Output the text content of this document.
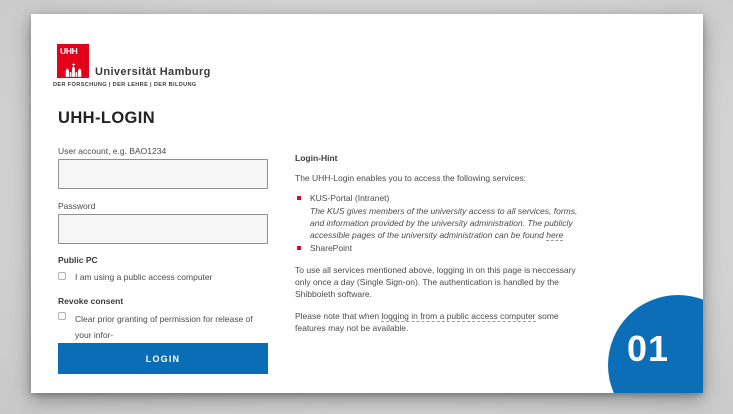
UHH
Universität Hamburg
DER FORSCHUNG | DER LEHRE | DER BILDUNG
UHH-LOGIN
User account, e.g. BAO1234
Password
Public PC
I am using a public access computer
Revoke consent
Clear prior granting of permission for release of your infor-
LOGIN
Login-Hint

The UHH-Login enables you to access the following services:

KUS-Portal (Intranet)
The KUS gives members of the university access to all services, forms, and information provided by the university administration. The publicly accessible pages of the university administration can be found here
SharePoint

To use all services mentioned above, logging in on this page is neccessary only once a day (Single Sign-on). The authentication is handled by the Shibboleth software.

Please note that when logging in from a public access computer some features may not be available.	01
